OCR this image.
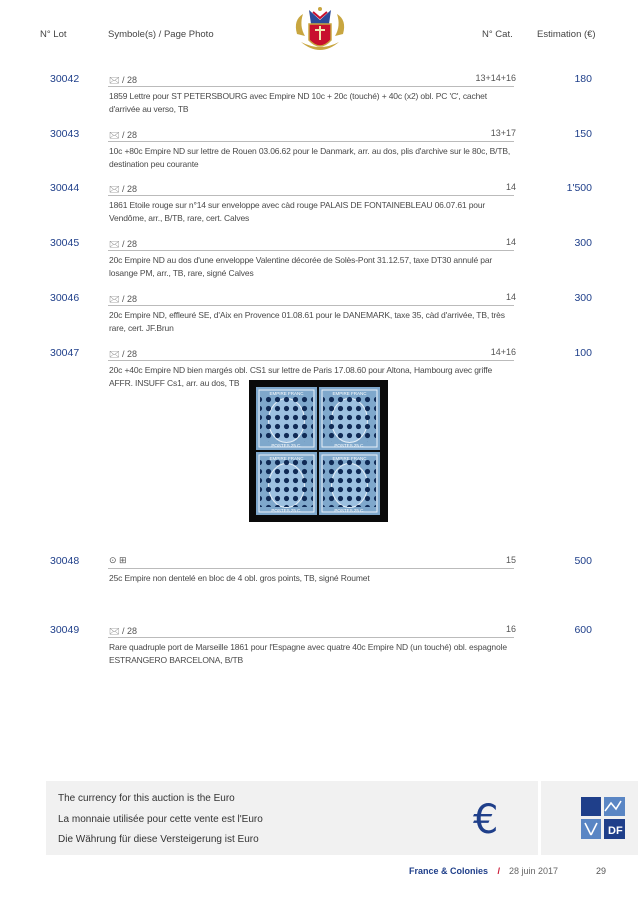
N° Lot	Symbole(s) / Page Photo	N° Cat.	Estimation (€)
30042	🖂 / 28	13+14+16	180
1859 Lettre pour ST PETERSBOURG avec Empire ND 10c + 20c (touché) + 40c (x2) obl. PC 'C', cachet d'arrivée au verso, TB
30043	🖂 / 28	13+17	150
10c +80c Empire ND sur lettre de Rouen 03.06.62 pour le Danmark, arr. au dos, plis d'archive sur le 80c, B/TB, destination peu courante
30044	🖂 / 28	14	1'500
1861 Etoile rouge sur n°14 sur enveloppe avec càd rouge PALAIS DE FONTAINEBLEAU 06.07.61 pour Vendôme, arr., B/TB, rare, cert. Calves
30045	🖂 / 28	14	300
20c Empire ND au dos d'une enveloppe Valentine décorée de Solès-Pont 31.12.57, taxe DT30 annulé par losange PM, arr., TB, rare, signé Calves
30046	🖂 / 28	14	300
20c Empire ND, effleuré SE, d'Aix en Provence 01.08.61 pour le DANEMARK, taxe 35, càd d'arrivée, TB, très rare, cert. JF.Brun
30047	🖂 / 28	14+16	100
20c +40c Empire ND bien margés obl. CS1 sur lettre de Paris 17.08.60 pour Altona, Hambourg avec griffe AFFR. INSUFF Cs1, arr. au dos, TB
EMPIRE FRANC
POSTES 25 C.
EMPIRE FRANC
POSTES 25 C.
EMPIRE FRANC
POSTES 25 C.
EMPIRE FRANC
POSTES 25 C.
30048	⊙ ⊞	15	500
25c Empire non dentelé en bloc de 4 obl. gros points, TB, signé Roumet
30049	🖂 / 28	16	600
Rare quadruple port de Marseille 1861 pour l'Espagne avec quatre 40c Empire ND (un touché) obl. espagnole ESTRANGERO BARCELONA, B/TB
The currency for this auction is the Euro
La monnaie utilisée pour cette vente est l'Euro
Die Währung für diese Versteigerung ist Euro	€	DF
France & Colonies / 28 juin 2017	29
